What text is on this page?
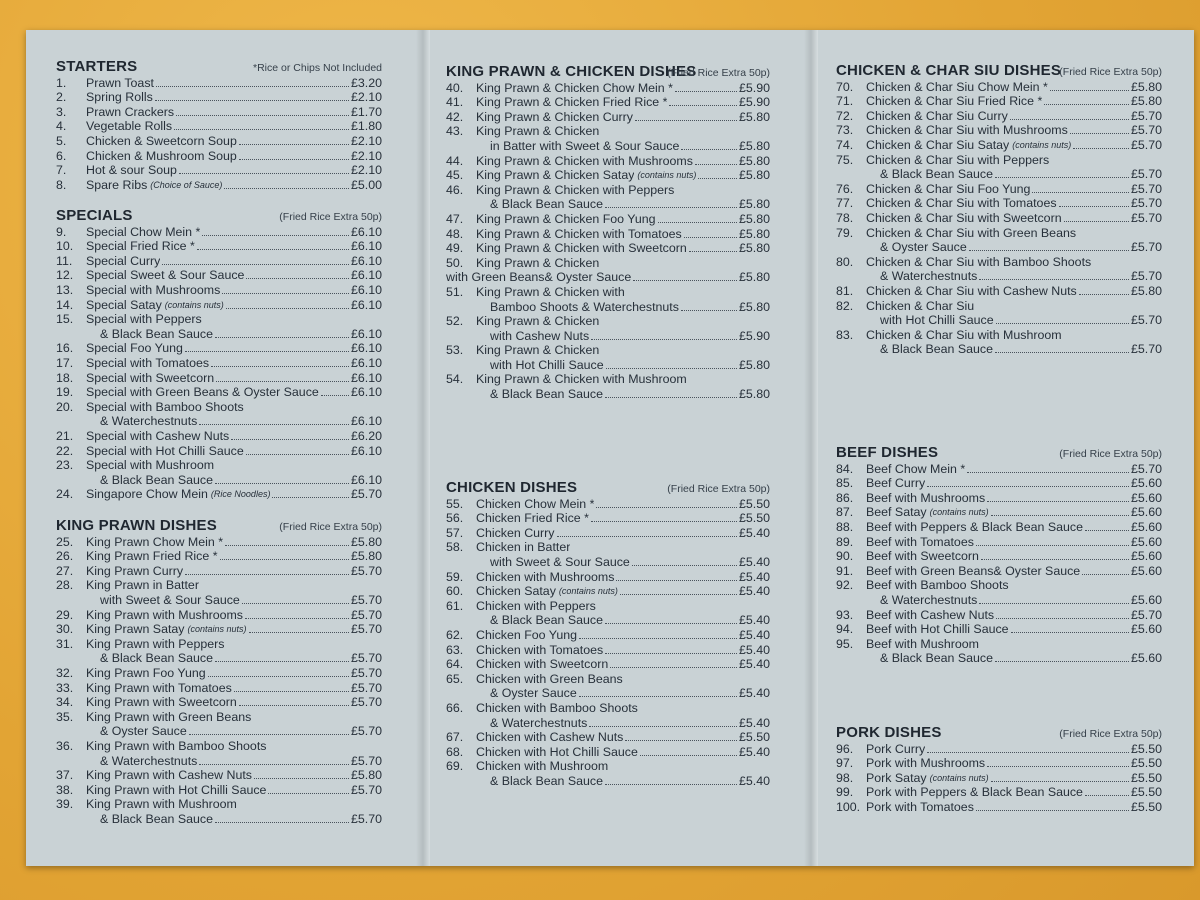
STARTERS	*Rice or Chips Not Included
1.	Prawn Toast	£3.20
2.	Spring Rolls	£2.10
3.	Prawn Crackers	£1.70
4.	Vegetable Rolls	£1.80
5.	Chicken & Sweetcorn Soup	£2.10
6.	Chicken & Mushroom Soup	£2.10
7.	Hot & sour Soup	£2.10
8.	Spare Ribs (Choice of Sauce)	£5.00
SPECIALS	(Fried Rice Extra 50p)
9.	Special Chow Mein *	£6.10
10.	Special Fried Rice *	£6.10
11.	Special Curry	£6.10
12.	Special Sweet & Sour Sauce	£6.10
13.	Special with Mushrooms	£6.10
14.	Special Satay (contains nuts)	£6.10
15.	Special with Peppers
& Black Bean Sauce	£6.10
16.	Special Foo Yung	£6.10
17.	Special with Tomatoes	£6.10
18.	Special with Sweetcorn	£6.10
19.	Special with Green Beans & Oyster Sauce	£6.10
20.	Special with Bamboo Shoots
& Waterchestnuts	£6.10
21.	Special with Cashew Nuts	£6.20
22.	Special with Hot Chilli Sauce	£6.10
23.	Special with Mushroom
& Black Bean Sauce	£6.10
24.	Singapore Chow Mein (Rice Noodles)	£5.70
KING PRAWN DISHES	(Fried Rice Extra 50p)
25.	King Prawn Chow Mein *	£5.80
26.	King Prawn Fried Rice *	£5.80
27.	King Prawn Curry	£5.70
28.	King Prawn in Batter
with Sweet & Sour Sauce	£5.70
29.	King Prawn with Mushrooms	£5.70
30.	King Prawn Satay (contains nuts)	£5.70
31.	King Prawn with Peppers
& Black Bean Sauce	£5.70
32.	King Prawn Foo Yung	£5.70
33.	King Prawn with Tomatoes	£5.70
34.	King Prawn with Sweetcorn	£5.70
35.	King Prawn with Green Beans
& Oyster Sauce	£5.70
36.	King Prawn with Bamboo Shoots
& Waterchestnuts	£5.70
37.	King Prawn with Cashew Nuts	£5.80
38.	King Prawn with Hot Chilli Sauce	£5.70
39.	King Prawn with Mushroom
& Black Bean Sauce	£5.70
KING PRAWN & CHICKEN DISHES
(Fried Rice Extra 50p)
40.	King Prawn & Chicken Chow Mein *	£5.90
41.	King Prawn & Chicken Fried Rice *	£5.90
42.	King Prawn & Chicken Curry	£5.80
43.	King Prawn & Chicken
in Batter with Sweet & Sour Sauce	£5.80
44.	King Prawn & Chicken with Mushrooms	£5.80
45.	King Prawn & Chicken Satay (contains nuts)	£5.80
46.	King Prawn & Chicken with Peppers
& Black Bean Sauce	£5.80
47.	King Prawn & Chicken Foo Yung	£5.80
48.	King Prawn & Chicken with Tomatoes	£5.80
49.	King Prawn & Chicken with Sweetcorn	£5.80
50.	King Prawn & Chicken
with Green Beans& Oyster Sauce	£5.80
51.	King Prawn & Chicken with
Bamboo Shoots & Waterchestnuts	£5.80
52.	King Prawn & Chicken
with Cashew Nuts	£5.90
53.	King Prawn & Chicken
with Hot Chilli Sauce	£5.80
54.	King Prawn & Chicken with Mushroom
& Black Bean Sauce	£5.80
CHICKEN DISHES	(Fried Rice Extra 50p)
55.	Chicken Chow Mein *	£5.50
56.	Chicken Fried Rice *	£5.50
57.	Chicken Curry	£5.40
58.	Chicken in Batter
with Sweet & Sour Sauce	£5.40
59.	Chicken with Mushrooms	£5.40
60.	Chicken Satay (contains nuts)	£5.40
61.	Chicken with Peppers
& Black Bean Sauce	£5.40
62.	Chicken Foo Yung	£5.40
63.	Chicken with Tomatoes	£5.40
64.	Chicken with Sweetcorn	£5.40
65.	Chicken with Green Beans
& Oyster Sauce	£5.40
66.	Chicken with Bamboo Shoots
& Waterchestnuts	£5.40
67.	Chicken with Cashew Nuts	£5.50
68.	Chicken with Hot Chilli Sauce	£5.40
69.	Chicken with Mushroom
& Black Bean Sauce	£5.40
CHICKEN & CHAR SIU DISHES
(Fried Rice Extra 50p)
70.	Chicken & Char Siu Chow Mein *	£5.80
71.	Chicken & Char Siu Fried Rice *	£5.80
72.	Chicken & Char Siu Curry	£5.70
73.	Chicken & Char Siu with Mushrooms	£5.70
74.	Chicken & Char Siu Satay (contains nuts)	£5.70
75.	Chicken & Char Siu with Peppers
& Black Bean Sauce	£5.70
76.	Chicken & Char Siu Foo Yung	£5.70
77.	Chicken & Char Siu with Tomatoes	£5.70
78.	Chicken & Char Siu with Sweetcorn	£5.70
79.	Chicken & Char Siu with Green Beans
& Oyster Sauce	£5.70
80.	Chicken & Char Siu with Bamboo Shoots
& Waterchestnuts	£5.70
81.	Chicken & Char Siu with Cashew Nuts	£5.80
82.	Chicken & Char Siu
with Hot Chilli Sauce	£5.70
83.	Chicken & Char Siu with Mushroom
& Black Bean Sauce	£5.70
BEEF DISHES	(Fried Rice Extra 50p)
84.	Beef Chow Mein *	£5.70
85.	Beef Curry	£5.60
86.	Beef with Mushrooms	£5.60
87.	Beef Satay (contains nuts)	£5.60
88.	Beef with Peppers & Black Bean Sauce	£5.60
89.	Beef with Tomatoes	£5.60
90.	Beef with Sweetcorn	£5.60
91.	Beef with Green Beans& Oyster Sauce	£5.60
92.	Beef with Bamboo Shoots
& Waterchestnuts	£5.60
93.	Beef with Cashew Nuts	£5.70
94.	Beef with Hot Chilli Sauce	£5.60
95.	Beef with Mushroom
& Black Bean Sauce	£5.60
PORK DISHES	(Fried Rice Extra 50p)
96.	Pork Curry	£5.50
97.	Pork with Mushrooms	£5.50
98.	Pork Satay (contains nuts)	£5.50
99.	Pork with Peppers & Black Bean Sauce	£5.50
100. Pork with Tomatoes	£5.50
